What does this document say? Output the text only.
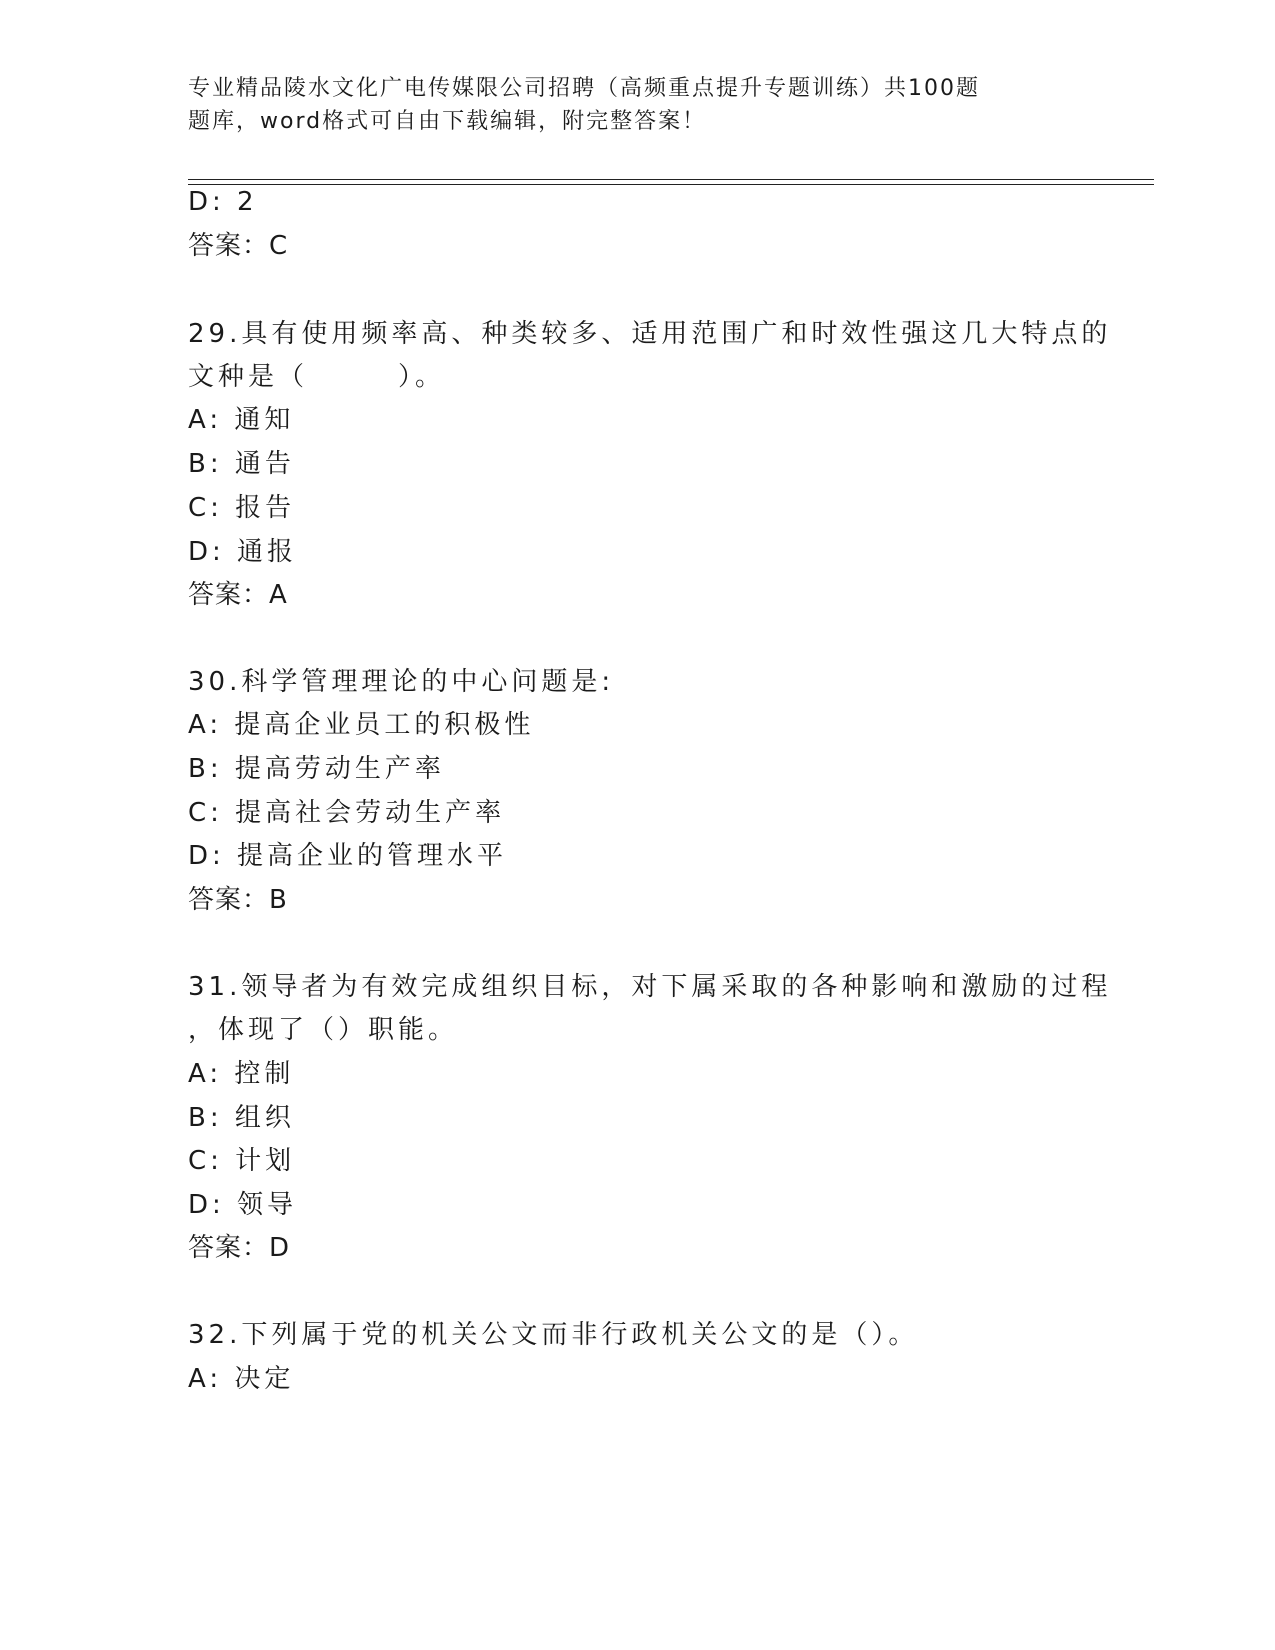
专业精品陵水文化广电传媒限公司招聘（高频重点提升专题训练）共100题
题库，word格式可自由下载编辑，附完整答案！
D: 2
答案：C
29.具有使用频率高、种类较多、适用范围广和时效性强这几大特点的
文种是（　　　）。
A: 通知
B: 通告
C: 报告
D: 通报
答案：A
30.科学管理理论的中心问题是:
A: 提高企业员工的积极性
B: 提高劳动生产率
C: 提高社会劳动生产率
D: 提高企业的管理水平
答案：B
31.领导者为有效完成组织目标，对下属采取的各种影响和激励的过程
，体现了（）职能。
A: 控制
B: 组织
C: 计划
D: 领导
答案：D
32.下列属于党的机关公文而非行政机关公文的是（）。
A: 决定
